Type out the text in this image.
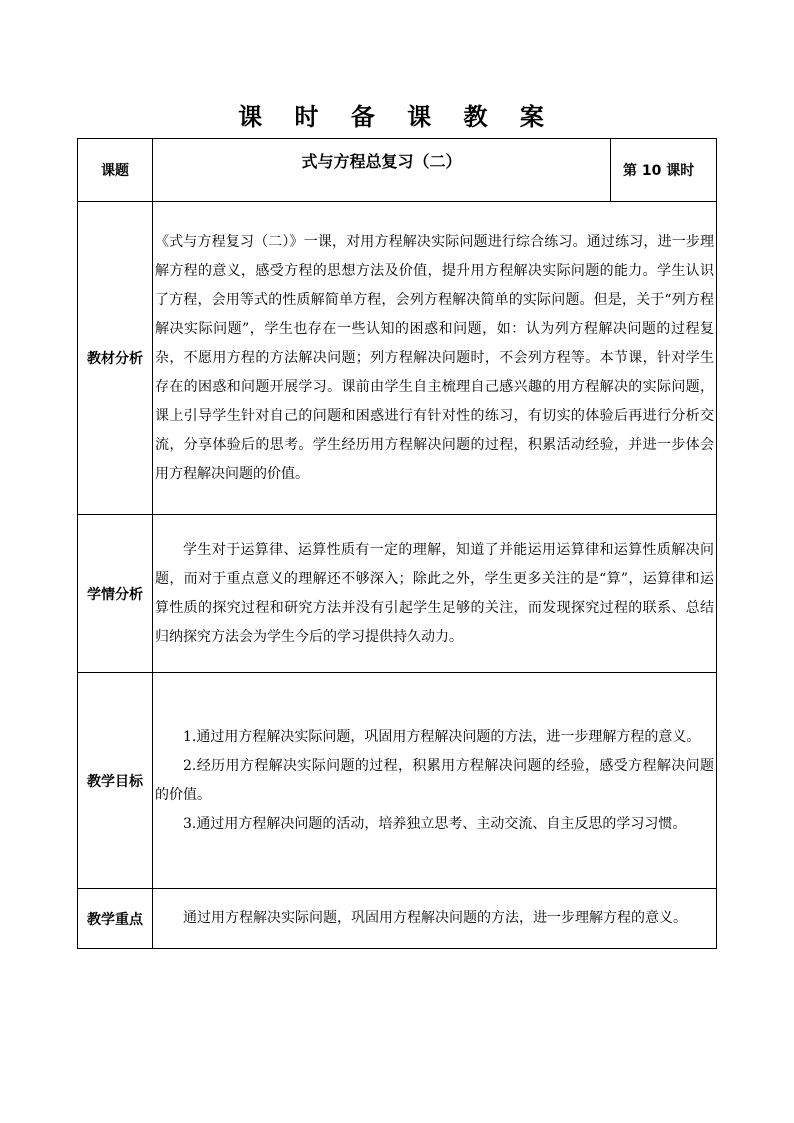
课 时 备 课 教 案
课题	式与方程总复习（二）	第 10 课时
教材分析	《式与方程复习（二）》一课，对用方程解决实际问题进行综合练习。通过练习，进一步理解方程的意义，感受方程的思想方法及价值，提升用方程解决实际问题的能力。学生认识了方程，会用等式的性质解简单方程，会列方程解决简单的实际问题。但是，关于“列方程解决实际问题”，学生也存在一些认知的困惑和问题，如：认为列方程解决问题的过程复杂，不愿用方程的方法解决问题；列方程解决问题时，不会列方程等。本节课，针对学生存在的困惑和问题开展学习。课前由学生自主梳理自己感兴趣的用方程解决的实际问题，课上引导学生针对自己的问题和困惑进行有针对性的练习，有切实的体验后再进行分析交流，分享体验后的思考。学生经历用方程解决问题的过程，积累活动经验，并进一步体会用方程解决问题的价值。	

学情分析	学生对于运算律、运算性质有一定的理解，知道了并能运用运算律和运算性质解决问题，而对于重点意义的理解还不够深入；除此之外，学生更多关注的是“算”，运算律和运算性质的探究过程和研究方法并没有引起学生足够的关注，而发现探究过程的联系、总结归纳探究方法会为学生今后的学习提供持久动力。	

教学目标	1.通过用方程解决实际问题，巩固用方程解决问题的方法，进一步理解方程的意义。

2.经历用方程解决实际问题的过程，积累用方程解决问题的经验，感受方程解决问题的价值。

3.通过用方程解决问题的活动，培养独立思考、主动交流、自主反思的学习习惯。	

教学重点	通过用方程解决实际问题，巩固用方程解决问题的方法，进一步理解方程的意义。	
